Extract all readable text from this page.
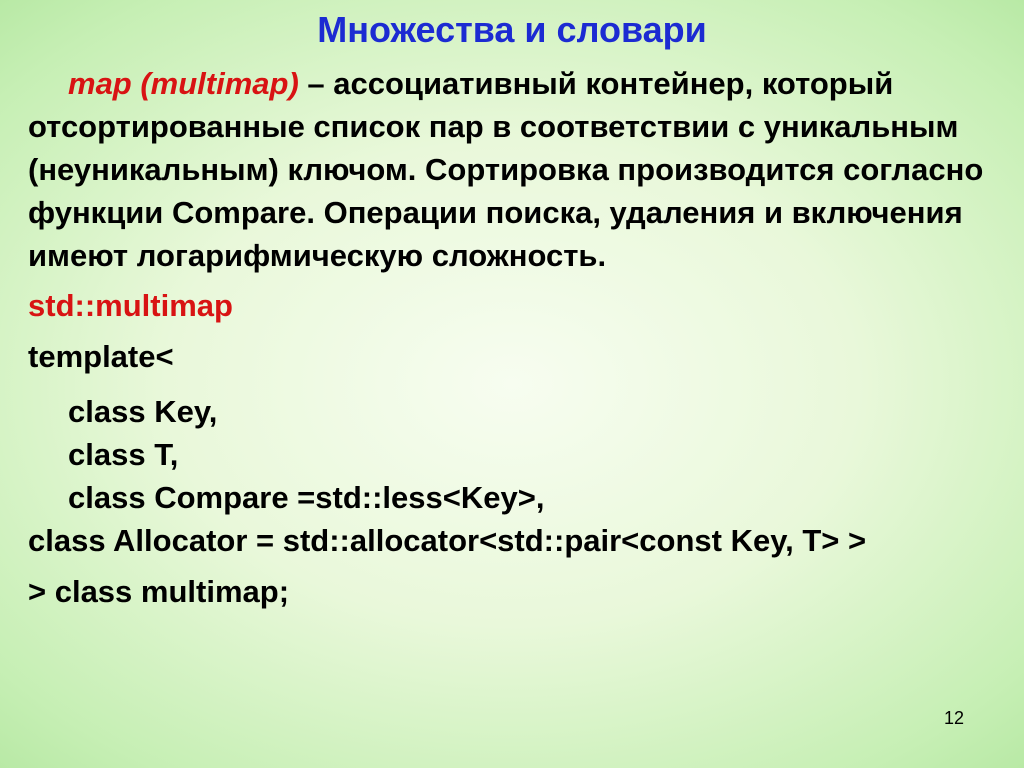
Множества и словари

map (multimap) – ассоциативный контейнер, который отсортированные список пар в соответствии с уникальным (неуникальным) ключом. Сортировка производится согласно функции Compare. Операции поиска, удаления и включения имеют логарифмическую сложность.

std::multimap

template<

class Key,

class T,

class Compare =std::less<Key>,

class Allocator = std::allocator<std::pair<const Key, T> >

> class multimap;

12
